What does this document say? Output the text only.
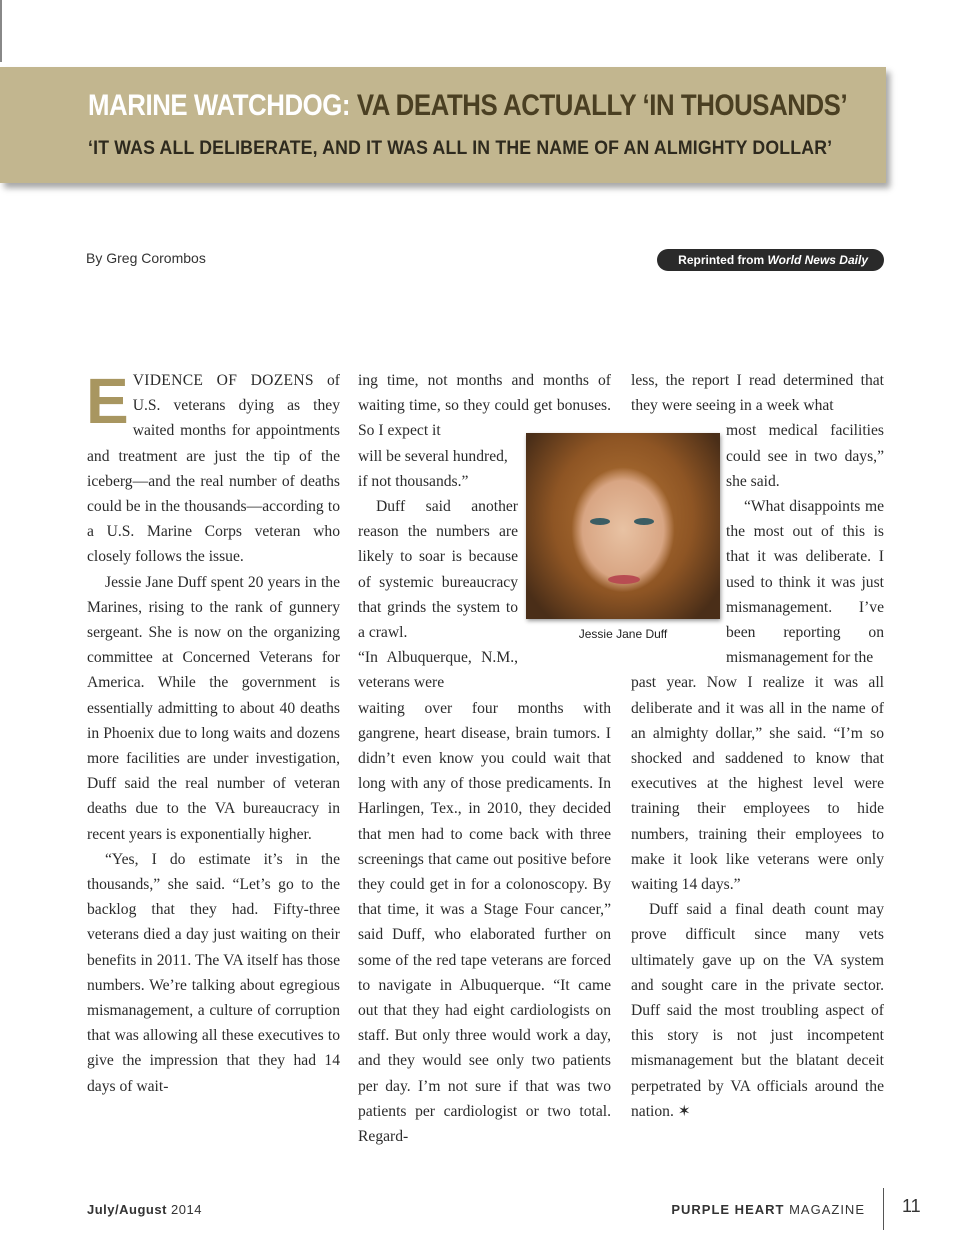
MARINE WATCHDOG: VA DEATHS ACTUALLY ‘IN THOUSANDS’
‘IT WAS ALL DELIBERATE, AND IT WAS ALL IN THE NAME OF AN ALMIGHTY DOLLAR’
By Greg Corombos	Reprinted from World News Daily

EVIDENCE OF DOZENS of U.S. veterans dying as they waited months for appointments and treatment are just the tip of the iceberg—and the real number of deaths could be in the thousands—according to a U.S. Marine Corps veteran who closely follows the issue.

Jessie Jane Duff spent 20 years in the Marines, rising to the rank of gunnery sergeant. She is now on the organizing committee at Concerned Veterans for America. While the government is essentially admitting to about 40 deaths in Phoenix due to long waits and dozens more facilities are under investigation, Duff said the real number of veteran deaths due to the VA bureaucracy in recent years is exponentially higher.

“Yes, I do estimate it’s in the thousands,” she said. “Let’s go to the backlog that they had. Fifty-three veterans died a day just waiting on their benefits in 2011. The VA itself has those numbers. We’re talking about egregious mismanagement, a culture of corruption that was allowing all these executives to give the impression that they had 14 days of wait-

ing time, not months and months of waiting time, so they could get bonuses. So I expect it

will be several hundred, if not thousands.”

Duff said another reason the numbers are likely to soar is because of systemic bureaucracy that grinds the system to a crawl.

“In Albuquerque, N.M., veterans were

waiting over four months with gangrene, heart disease, brain tumors. I didn’t even know you could wait that long with any of those predicaments. In Harlingen, Tex., in 2010, they decided that men had to come back with three screenings that came out positive before they could get in for a colonoscopy. By that time, it was a Stage Four cancer,” said Duff, who elaborated further on some of the red tape veterans are forced to navigate in Albuquerque. “It came out that they had eight cardiologists on staff. But only three would work a day, and they would see only two patients per day. I’m not sure if that was two patients per cardiologist or two total. Regard-

less, the report I read determined that they were seeing in a week what

most medical facilities could see in two days,” she said.

“What disappoints me the most out of this is that it was deliberate. I used to think it was just mismanagement. I’ve been reporting on mismanagement for the

past year. Now I realize it was all deliberate and it was all in the name of an almighty dollar,” she said. “I’m so shocked and saddened to know that executives at the highest level were training their employees to hide numbers, training their employees to make it look like veterans were only waiting 14 days.”

Duff said a final death count may prove difficult since many vets ultimately gave up on the VA system and sought care in the private sector. Duff said the most troubling aspect of this story is not just incompetent mismanagement but the blatant deceit perpetrated by VA officials around the nation. ✶

Jessie Jane Duff
July/August 2014	PURPLE HEART MAGAZINE 11
